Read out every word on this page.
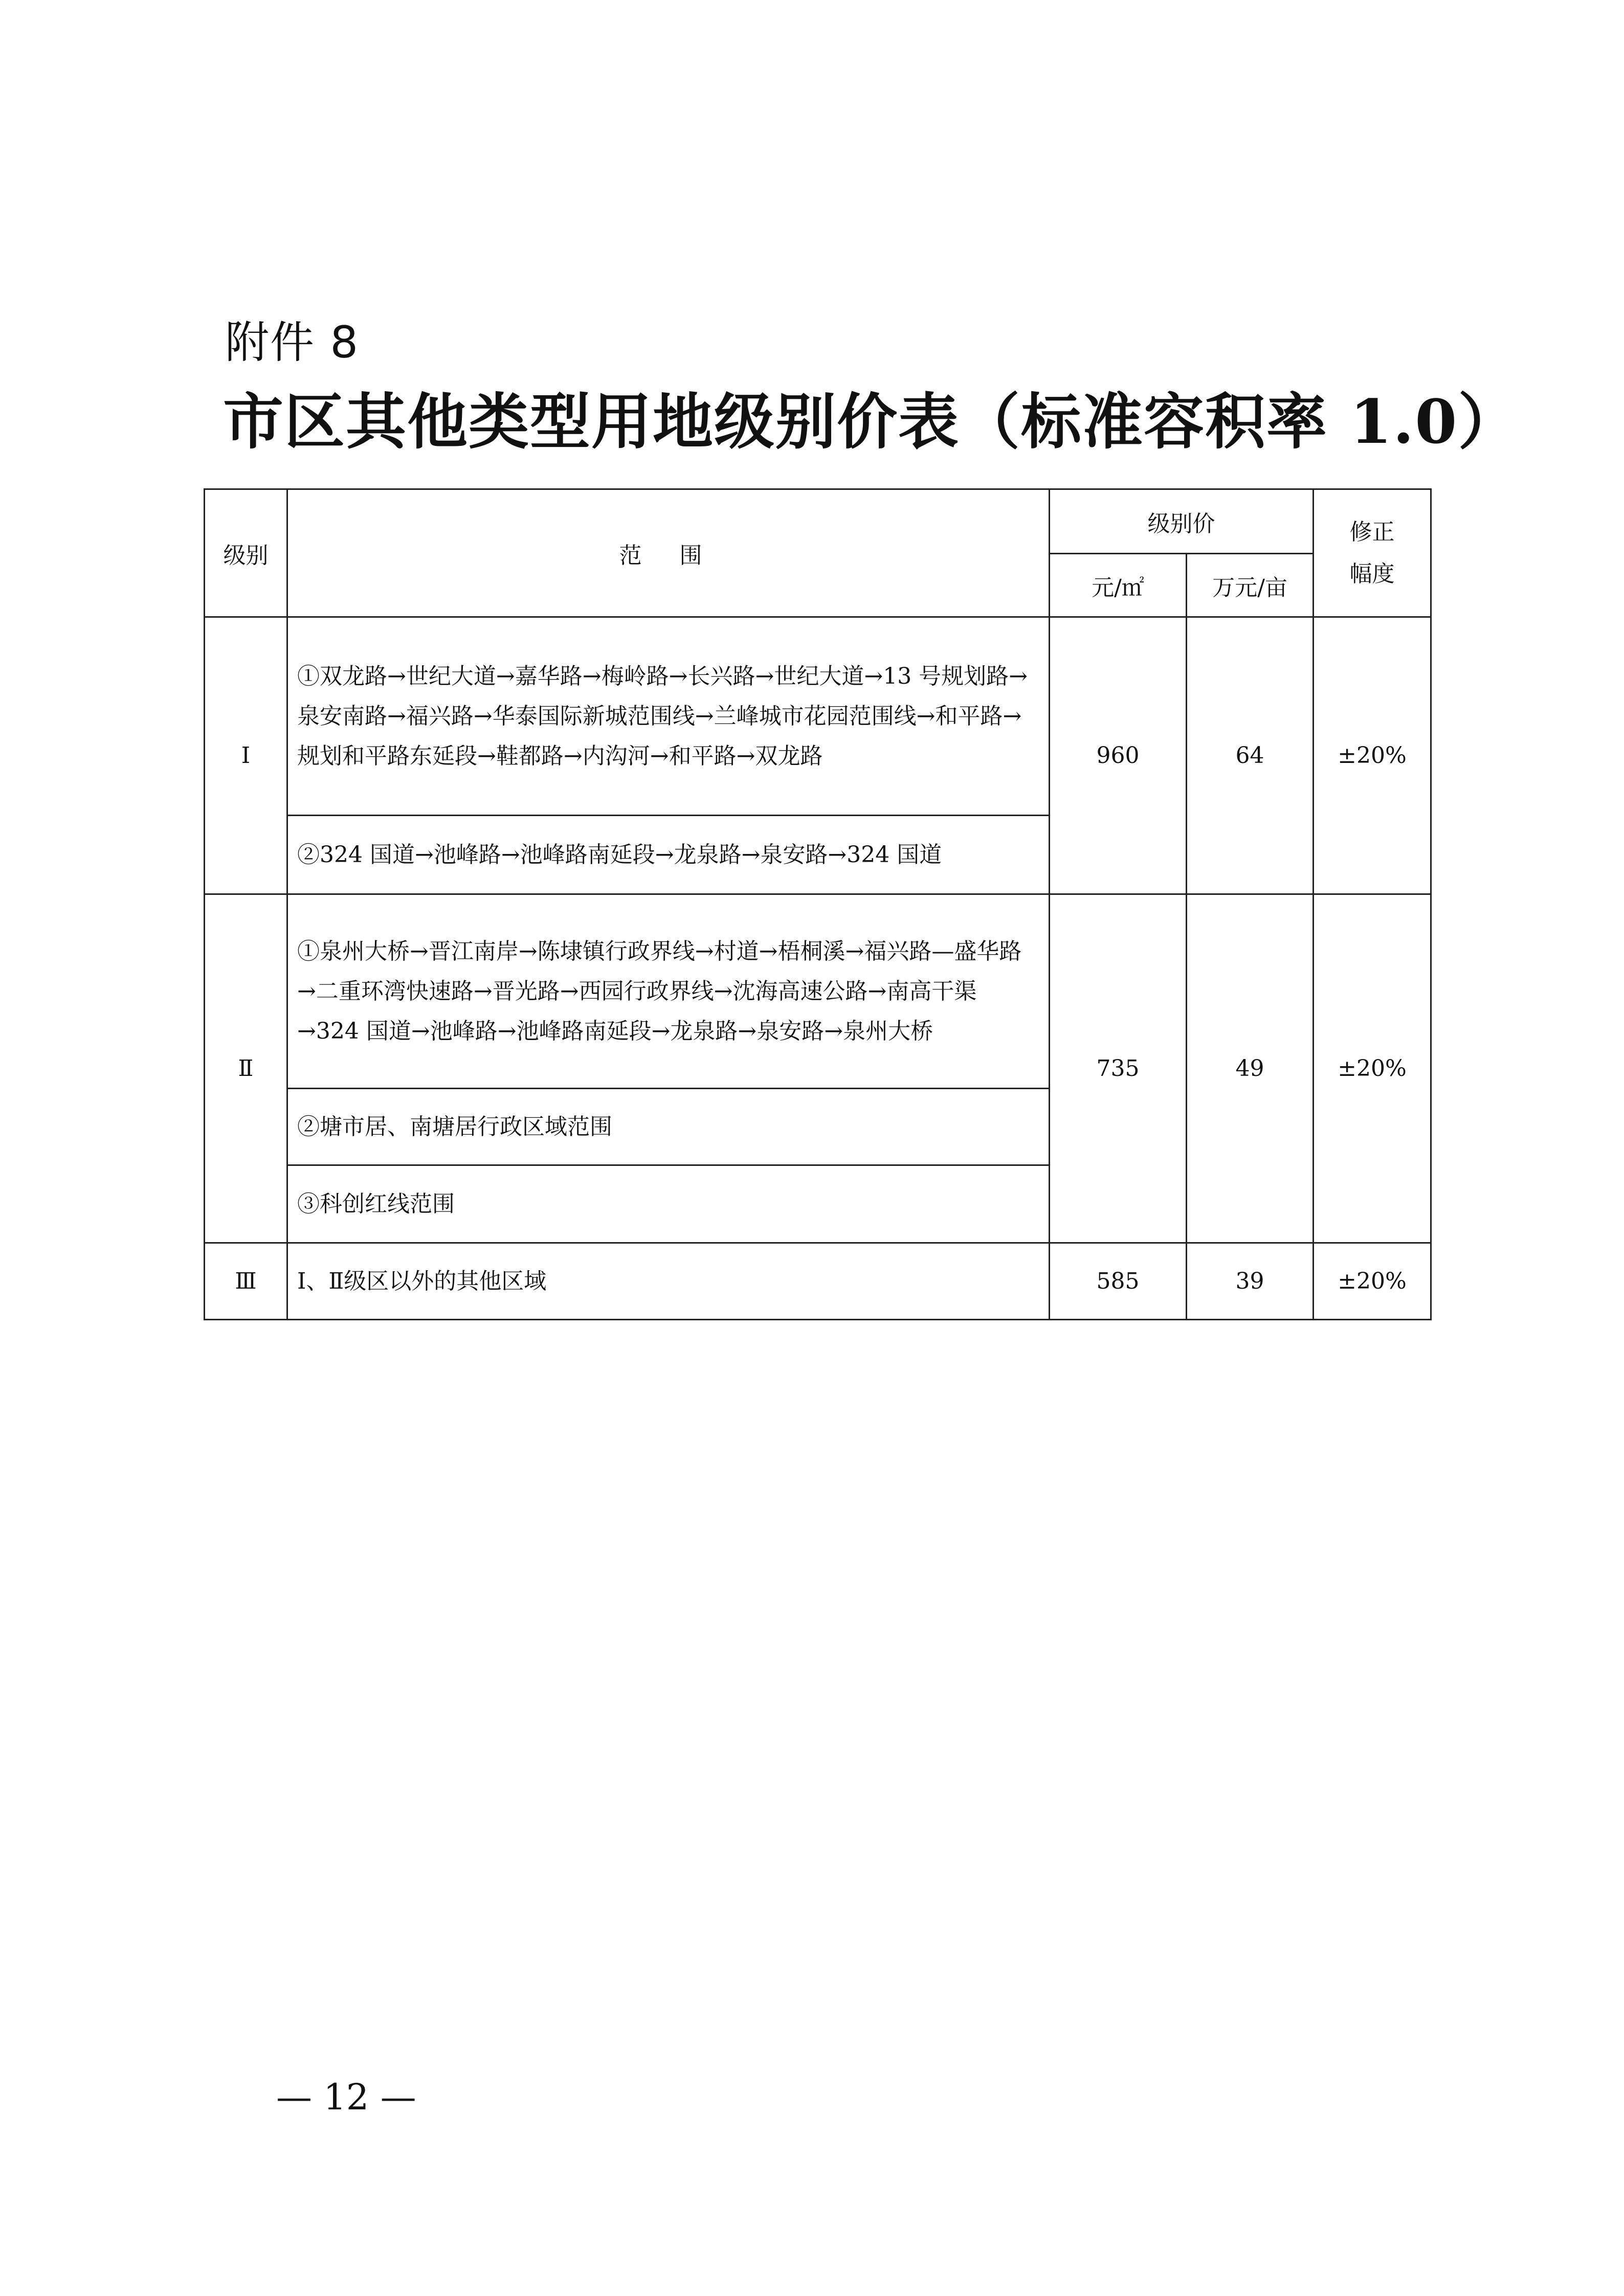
附件 8
市区其他类型用地级别价表（标准容积率 1.0）
级别	范 围	级别价		修正幅度
		元/㎡	万元/亩	
Ⅰ	①双龙路→世纪大道→嘉华路→梅岭路→长兴路→世纪大道→13 号规划路→泉安南路→福兴路→华泰国际新城范围线→兰峰城市花园范围线→和平路→规划和平路东延段→鞋都路→内沟河→和平路→双龙路	960	64	±20%
	②324 国道→池峰路→池峰路南延段→龙泉路→泉安路→324 国道			
Ⅱ	①泉州大桥→晋江南岸→陈埭镇行政界线→村道→梧桐溪→福兴路—盛华路→二重环湾快速路→晋光路→西园行政界线→沈海高速公路→南高干渠→324 国道→池峰路→池峰路南延段→龙泉路→泉安路→泉州大桥	735	49	±20%
	②塘市居、南塘居行政区域范围			
	③科创红线范围			
Ⅲ	Ⅰ、Ⅱ级区以外的其他区域	585	39	±20%
— 12 —
